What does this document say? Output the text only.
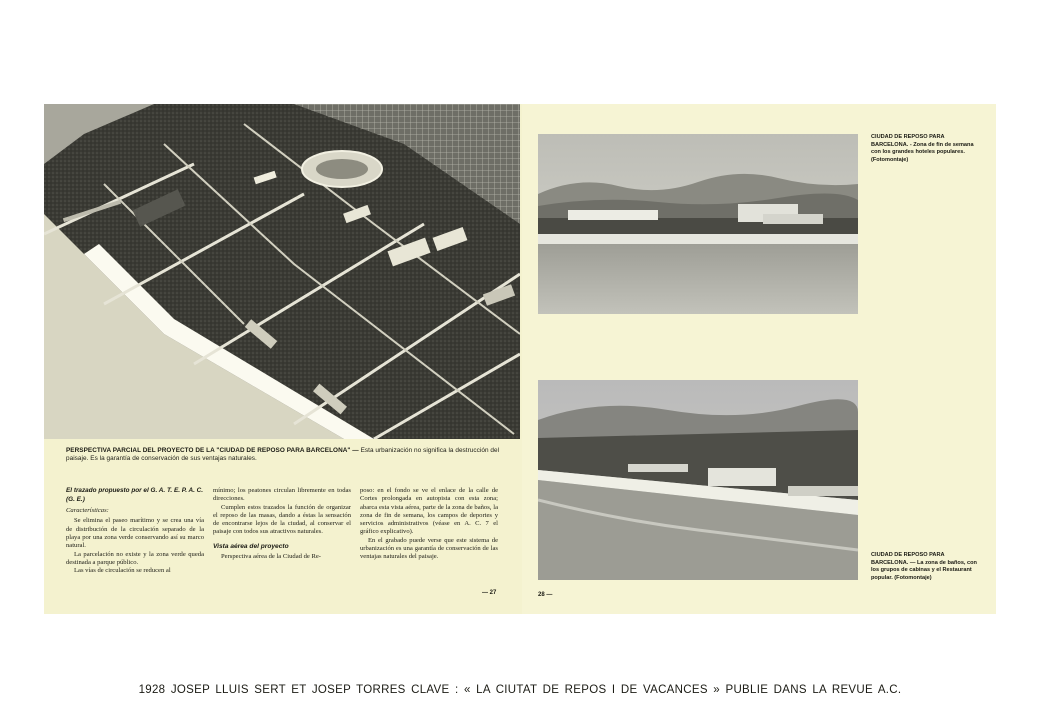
PERSPECTIVA PARCIAL DEL PROYECTO DE LA "CIUDAD DE REPOSO PARA BARCELONA" — Esta urbanización no significa la destrucción del paisaje. Es la garantía de conservación de sus ventajas naturales.

El trazado propuesto por el G. A. T. E. P. A. C. (G. E.)

Características:

Se elimina el paseo marítimo y se crea una vía de distribución de la circulación separado de la playa por una zona verde conservando así su marco natural.

La parcelación no existe y la zona verde queda destinada a parque público.

Las vías de circulación se reducen al

mínimo; los peatones circulan libremente en todas direcciones.

Cumplen estos trazados la función de organizar el reposo de las masas, dando a éstas la sensación de encontrarse lejos de la ciudad, al conservar el paisaje con todos sus atractivos naturales.

Vista aérea del proyecto

Perspectiva aérea de la Ciudad de Re-

poso: en el fondo se ve el enlace de la calle de Cortes prolongada en autopista con esta zona; abarca esta vista aérea, parte de la zona de baños, la zona de fin de semana, los campos de deportes y servicios administrativos (véase en A. C. 7 el gráfico explicativo).

En el grabado puede verse que este sistema de urbanización es una garantía de conservación de las ventajas naturales del paisaje.

— 27
CIUDAD DE REPOSO PARA BARCELONA. - Zona de fin de semana con los grandes hoteles populares. (Fotomontaje)
CIUDAD DE REPOSO PARA BARCELONA. — La zona de baños, con los grupos de cabinas y el Restaurant popular. (Fotomontaje)
28 —
1928 JOSEP LLUIS SERT ET JOSEP TORRES CLAVE : « LA CIUTAT DE REPOS I DE VACANCES » PUBLIE DANS LA REVUE A.C.
